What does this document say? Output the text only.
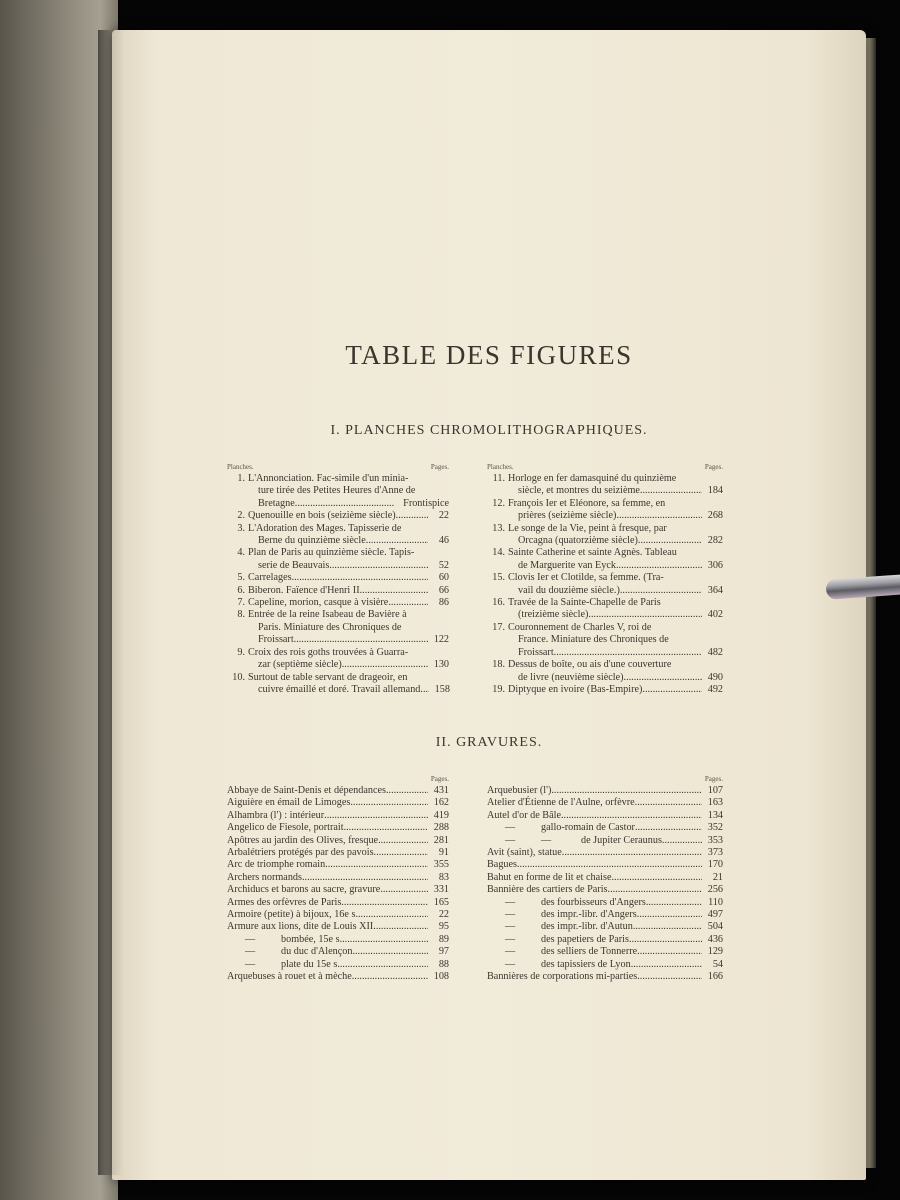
TABLE DES FIGURES
I. PLANCHES CHROMOLITHOGRAPHIQUES.
Planches.	Pages.
1. L'Annonciation. Fac-simile d'un minia-
ture tirée des Petites Heures d'Anne de
Bretagne .....	Frontispice
2. Quenouille en bois (seizième siècle) .....	22
3. L'Adoration des Mages. Tapisserie de
Berne du quinzième siècle .....	46
4. Plan de Paris au quinzième siècle. Tapis-
serie de Beauvais .....	52
5. Carrelages .....	60
6. Biberon. Faïence d'Henri II .....	66
7. Capeline, morion, casque à visière .....	86
8. Entrée de la reine Isabeau de Bavière à
Paris. Miniature des Chroniques de
Froissart .....	122
9. Croix des rois goths trouvées à Guarra-
zar (septième siècle) .....	130
10. Surtout de table servant de drageoir, en
cuivre émaillé et doré. Travail allemand. .....	158
Planches.	Pages.
11. Horloge en fer damasquiné du quinzième
siècle, et montres du seizième .....	184
12. François Ier et Eléonore, sa femme, en
prières (seizième siècle) .....	268
13. Le songe de la Vie, peint à fresque, par
Orcagna (quatorzième siècle) .....	282
14. Sainte Catherine et sainte Agnès. Tableau
de Marguerite van Eyck .....	306
15. Clovis Ier et Clotilde, sa femme. (Tra-
vail du douzième siècle.) .....	364
16. Travée de la Sainte-Chapelle de Paris
(treizième siècle) .....	402
17. Couronnement de Charles V, roi de
France. Miniature des Chroniques de
Froissart .....	482
18. Dessus de boîte, ou ais d'une couverture
de livre (neuvième siècle) .....	490
19. Diptyque en ivoire (Bas-Empire) .....	492
II. GRAVURES.
Pages.
Abbaye de Saint-Denis et dépendances .....	431
Aiguière en émail de Limoges .....	162
Alhambra (l') : intérieur .....	419
Angelico de Fiesole, portrait .....	288
Apôtres au jardin des Olives, fresque .....	281
Arbalétriers protégés par des pavois .....	91
Arc de triomphe romain .....	355
Archers normands .....	83
Archiducs et barons au sacre, gravure .....	331
Armes des orfèvres de Paris .....	165
Armoire (petite) à bijoux, 16e s .....	22
Armure aux lions, dite de Louis XII .....	95
—	bombée, 15e s .....	89
—	du duc d'Alençon .....	97
—	plate du 15e s .....	88
Arquebuses à rouet et à mèche .....	108
Pages.
Arquebusier (l') .....	107
Atelier d'Étienne de l'Aulne, orfèvre .....	163
Autel d'or de Bâle .....	134
—	gallo-romain de Castor .....	352
—	—	de Jupiter Ceraunus .....	353
Avit (saint), statue .....	373
Bagues .....	170
Bahut en forme de lit et chaise .....	21
Bannière des cartiers de Paris .....	256
—	des fourbisseurs d'Angers .....	110
—	des impr.-libr. d'Angers .....	497
—	des impr.-libr. d'Autun .....	504
—	des papetiers de Paris .....	436
—	des selliers de Tonnerre .....	129
—	des tapissiers de Lyon .....	54
Bannières de corporations mi-parties .....	166
